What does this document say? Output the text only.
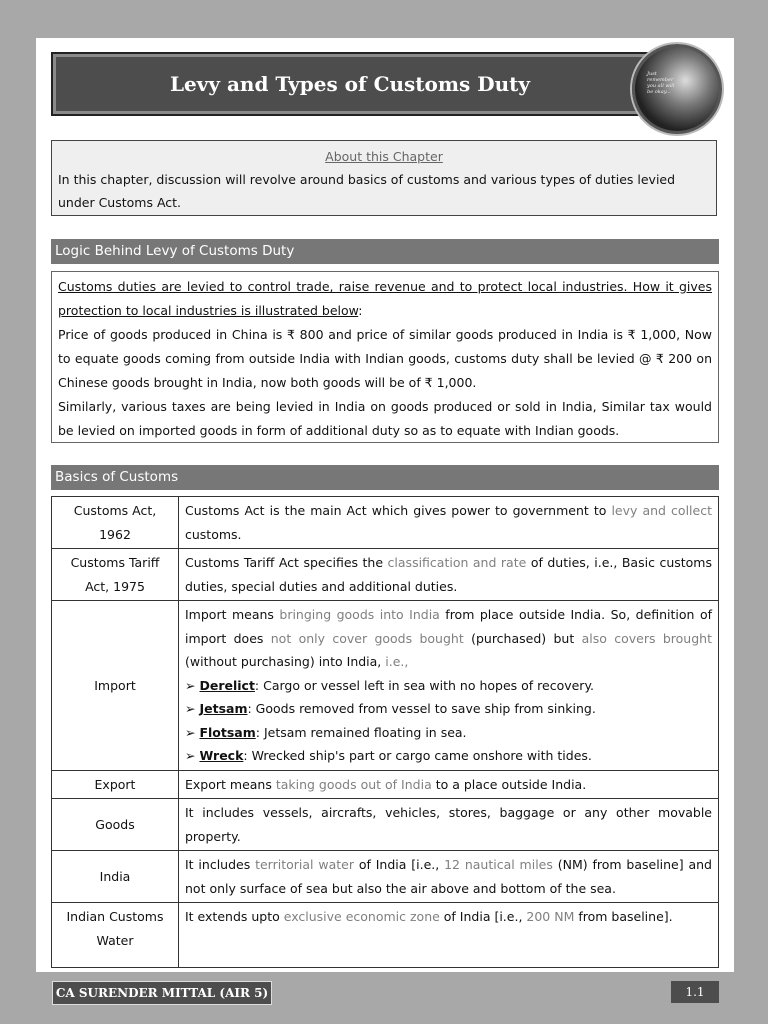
Levy and Types of Customs Duty	Just remember you all will be okay...
About this Chapter
In this chapter, discussion will revolve around basics of customs and various types of duties levied under Customs Act.
Logic Behind Levy of Customs Duty

Customs duties are levied to control trade, raise revenue and to protect local industries. How it gives protection to local industries is illustrated below:

Price of goods produced in China is ₹ 800 and price of similar goods produced in India is ₹ 1,000, Now to equate goods coming from outside India with Indian goods, customs duty shall be levied @ ₹ 200 on Chinese goods brought in India, now both goods will be of ₹ 1,000.

Similarly, various taxes are being levied in India on goods produced or sold in India, Similar tax would be levied on imported goods in form of additional duty so as to equate with Indian goods.

Basics of Customs
Customs Act, 1962	Customs Act is the main Act which gives power to government to levy and collect customs.
Customs Tariff Act, 1975	Customs Tariff Act specifies the classification and rate of duties, i.e., Basic customs duties, special duties and additional duties.
Import	Import means bringing goods into India from place outside India. So, definition of import does not only cover goods bought (purchased) but also covers brought (without purchasing) into India, i.e.,
➢ Derelict: Cargo or vessel left in sea with no hopes of recovery.
➢ Jetsam: Goods removed from vessel to save ship from sinking.
➢ Flotsam: Jetsam remained floating in sea.
➢ Wreck: Wrecked ship's part or cargo came onshore with tides.

Export	Export means taking goods out of India to a place outside India.
Goods	It includes vessels, aircrafts, vehicles, stores, baggage or any other movable property.
India	It includes territorial water of India [i.e., 12 nautical miles (NM) from baseline] and not only surface of sea but also the air above and bottom of the sea.
Indian Customs Water	It extends upto exclusive economic zone of India [i.e., 200 NM from baseline].
CA SURENDER MITTAL (AIR 5)	1.1
